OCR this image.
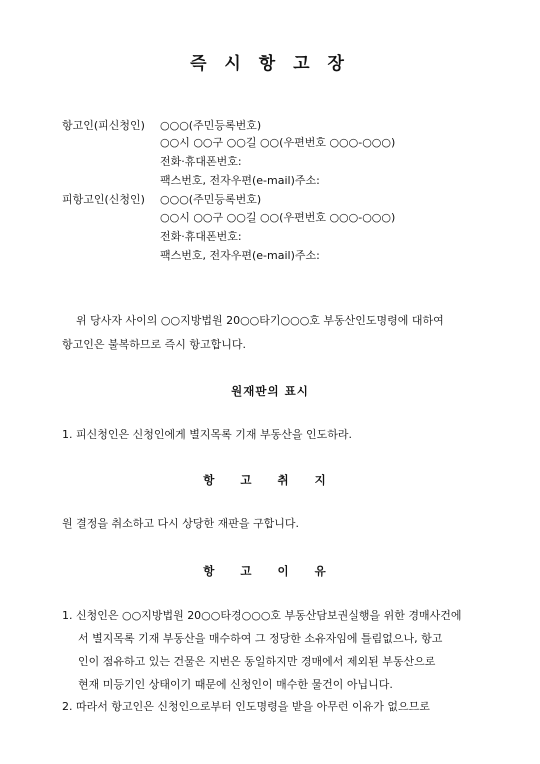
즉 시 항 고 장
항고인(피신청인) ○○○(주민등록번호)
○○시 ○○구 ○○길 ○○(우편번호 ○○○-○○○)
전화·휴대폰번호:
팩스번호, 전자우편(e-mail)주소:
피항고인(신청인) ○○○(주민등록번호)
○○시 ○○구 ○○길 ○○(우편번호 ○○○-○○○)
전화·휴대폰번호:
팩스번호, 전자우편(e-mail)주소:
위 당사자 사이의 ○○지방법원 20○○타기○○○호 부동산인도명령에 대하여
항고인은 불복하므로 즉시 항고합니다.
원재판의 표시
1. 피신청인은 신청인에게 별지목록 기재 부동산을 인도하라.
항 고 취 지
원 결정을 취소하고 다시 상당한 재판을 구합니다.
항 고 이 유
1. 신청인은 ○○지방법원 20○○타경○○○호 부동산담보권실행을 위한 경매사건에
서 별지목록 기재 부동산을 매수하여 그 정당한 소유자임에 틀림없으나, 항고
인이 점유하고 있는 건물은 지번은 동일하지만 경매에서 제외된 부동산으로
현재 미등기인 상태이기 때문에 신청인이 매수한 물건이 아닙니다.
2. 따라서 항고인은 신청인으로부터 인도명령을 받을 아무런 이유가 없으므로
